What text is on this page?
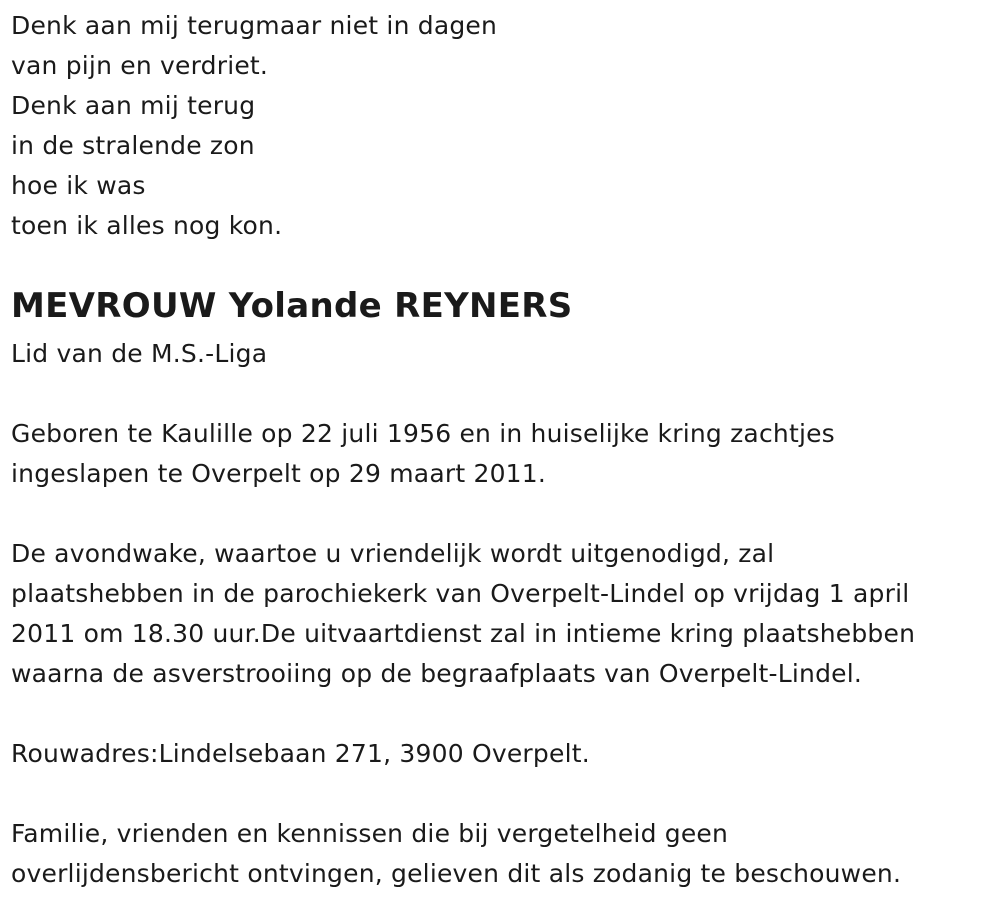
Denk aan mij terugmaar niet in dagen
van pijn en verdriet.
Denk aan mij terug
in de stralende zon
hoe ik was
toen ik alles nog kon.
MEVROUW Yolande REYNERS
Lid van de M.S.-Liga
Geboren te Kaulille op 22 juli 1956 en in huiselijke kring zachtjes
ingeslapen te Overpelt op 29 maart 2011.
De avondwake, waartoe u vriendelijk wordt uitgenodigd, zal
plaatshebben in de parochiekerk van Overpelt-Lindel op vrijdag 1 april
2011 om 18.30 uur.De uitvaartdienst zal in intieme kring plaatshebben
waarna de asverstrooiing op de begraafplaats van Overpelt-Lindel.
Rouwadres:Lindelsebaan 271, 3900 Overpelt.
Familie, vrienden en kennissen die bij vergetelheid geen
overlijdensbericht ontvingen, gelieven dit als zodanig te beschouwen.
